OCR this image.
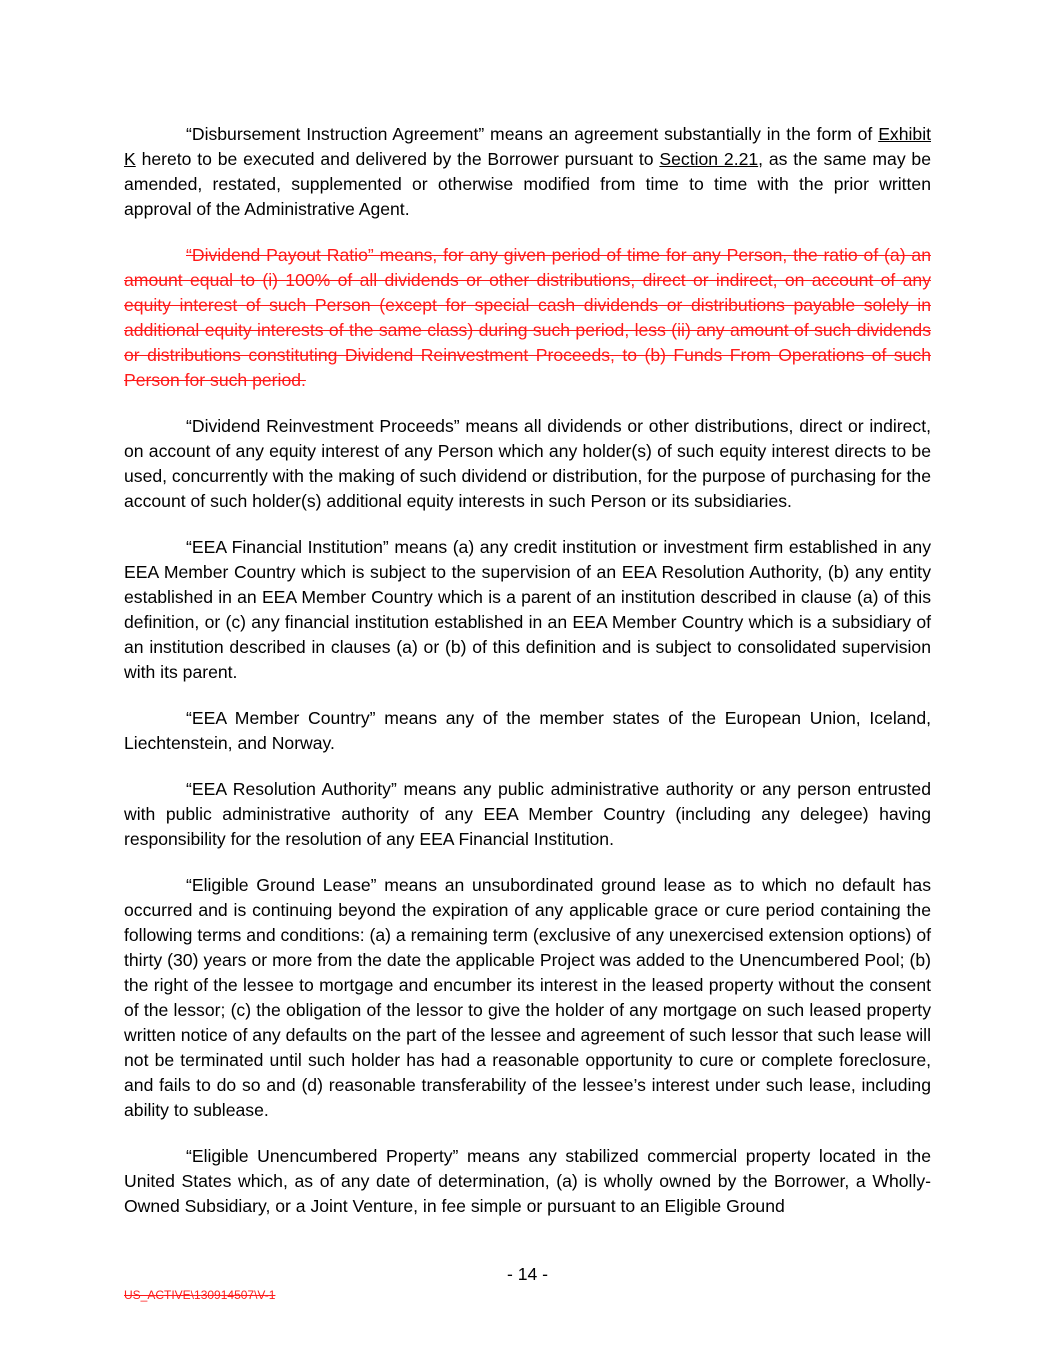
“Disbursement Instruction Agreement” means an agreement substantially in the form of Exhibit K hereto to be executed and delivered by the Borrower pursuant to Section 2.21, as the same may be amended, restated, supplemented or otherwise modified from time to time with the prior written approval of the Administrative Agent.

“Dividend Payout Ratio” means, for any given period of time for any Person, the ratio of (a) an amount equal to (i) 100% of all dividends or other distributions, direct or indirect, on account of any equity interest of such Person (except for special cash dividends or distributions payable solely in additional equity interests of the same class) during such period, less (ii) any amount of such dividends or distributions constituting Dividend Reinvestment Proceeds, to (b) Funds From Operations of such Person for such period.

“Dividend Reinvestment Proceeds” means all dividends or other distributions, direct or indirect, on account of any equity interest of any Person which any holder(s) of such equity interest directs to be used, concurrently with the making of such dividend or distribution, for the purpose of purchasing for the account of such holder(s) additional equity interests in such Person or its subsidiaries.

“EEA Financial Institution” means (a) any credit institution or investment firm established in any EEA Member Country which is subject to the supervision of an EEA Resolution Authority, (b) any entity established in an EEA Member Country which is a parent of an institution described in clause (a) of this definition, or (c) any financial institution established in an EEA Member Country which is a subsidiary of an institution described in clauses (a) or (b) of this definition and is subject to consolidated supervision with its parent.

“EEA Member Country” means any of the member states of the European Union, Iceland, Liechtenstein, and Norway.

“EEA Resolution Authority” means any public administrative authority or any person entrusted with public administrative authority of any EEA Member Country (including any delegee) having responsibility for the resolution of any EEA Financial Institution.

“Eligible Ground Lease” means an unsubordinated ground lease as to which no default has occurred and is continuing beyond the expiration of any applicable grace or cure period containing the following terms and conditions: (a) a remaining term (exclusive of any unexercised extension options) of thirty (30) years or more from the date the applicable Project was added to the Unencumbered Pool; (b) the right of the lessee to mortgage and encumber its interest in the leased property without the consent of the lessor; (c) the obligation of the lessor to give the holder of any mortgage on such leased property written notice of any defaults on the part of the lessee and agreement of such lessor that such lease will not be terminated until such holder has had a reasonable opportunity to cure or complete foreclosure, and fails to do so and (d) reasonable transferability of the lessee’s interest under such lease, including ability to sublease.

“Eligible Unencumbered Property” means any stabilized commercial property located in the United States which, as of any date of determination, (a) is wholly owned by the Borrower, a Wholly-Owned Subsidiary, or a Joint Venture, in fee simple or pursuant to an Eligible Ground

- 14 -
US_ACTIVE\130914507\V-1
